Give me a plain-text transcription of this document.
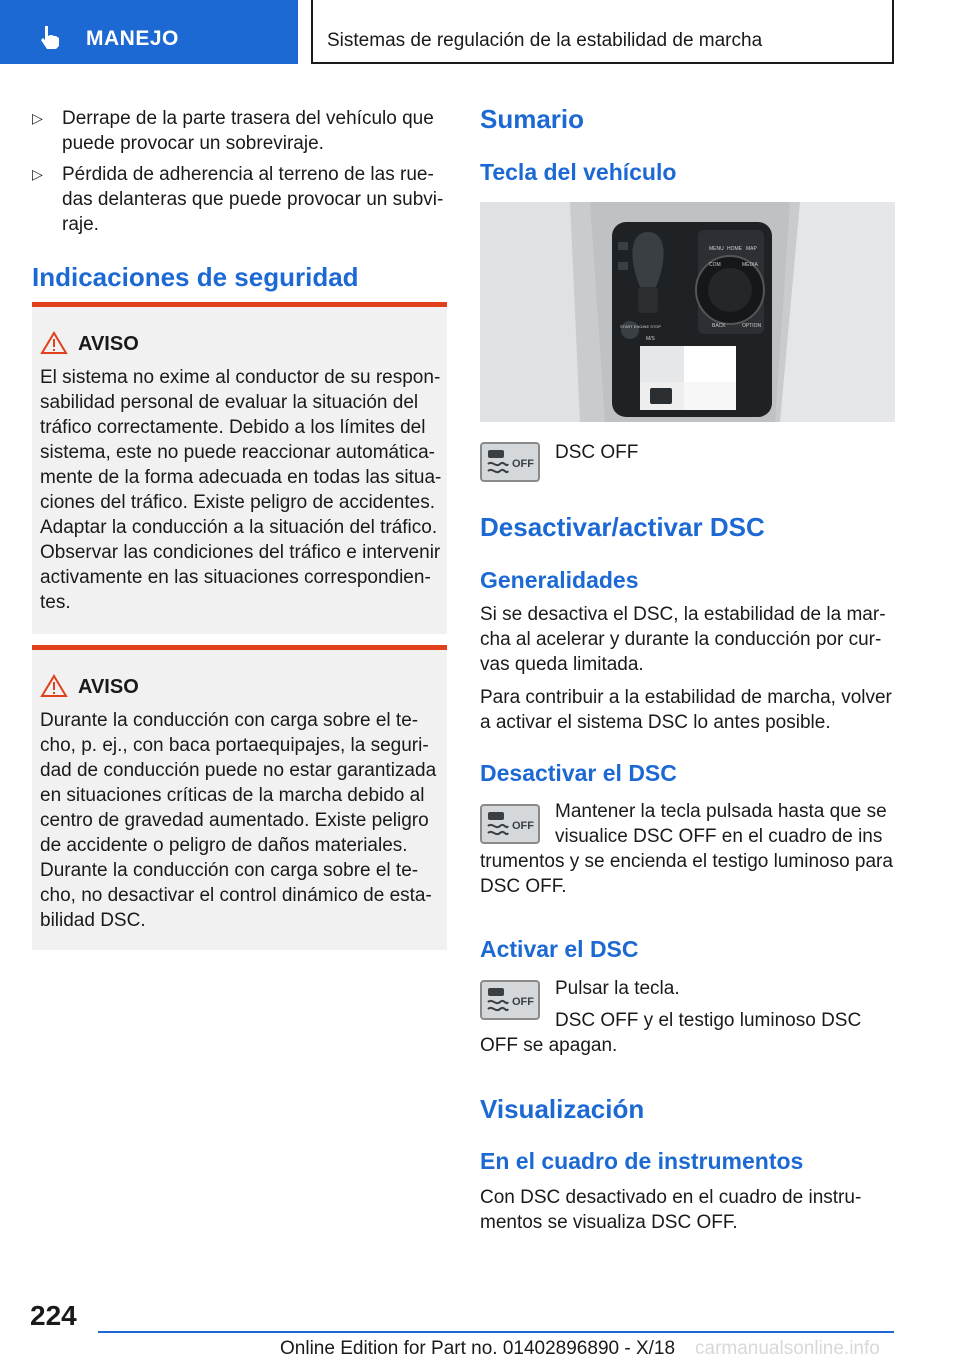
MANEJO	Sistemas de regulación de la estabilidad de marcha
▷ Derrape de la parte trasera del vehículo que puede provocar un sobreviraje.
▷ Pérdida de adherencia al terreno de las ruedas delanteras que puede provocar un subviraje.
Indicaciones de seguridad
AVISO
El sistema no exime al conductor de su responsabilidad personal de evaluar la situación del tráfico correctamente. Debido a los límites del sistema, este no puede reaccionar automáticamente de la forma adecuada en todas las situaciones del tráfico. Existe peligro de accidentes. Adaptar la conducción a la situación del tráfico. Observar las condiciones del tráfico e intervenir activamente en las situaciones correspondientes.
AVISO
Durante la conducción con carga sobre el techo, p. ej., con baca portaequipajes, la seguridad de conducción puede no estar garantizada en situaciones críticas de la marcha debido al centro de gravedad aumentado. Existe peligro de accidente o peligro de daños materiales. Durante la conducción con carga sobre el techo, no desactivar el control dinámico de estabilidad DSC.
Sumario
Tecla del vehículo
MENU HOME MAP
COM	MEDIA
BACK	OPTION
START ENGINE STOP
M/S
OFF
DSC OFF
Desactivar/activar DSC
Generalidades

Si se desactiva el DSC, la estabilidad de la marcha al acelerar y durante la conducción por curvas queda limitada.

Para contribuir a la estabilidad de marcha, volver a activar el sistema DSC lo antes posible.

Desactivar el DSC
OFF

Mantener la tecla pulsada hasta que se visualice DSC OFF en el cuadro de ins

trumentos y se encienda el testigo luminoso para DSC OFF.

Activar el DSC
OFF

Pulsar la tecla.

DSC OFF y el testigo luminoso DSC

OFF se apagan.

Visualización
En el cuadro de instrumentos

Con DSC desactivado en el cuadro de instrumentos se visualiza DSC OFF.

224
Online Edition for Part no. 01402896890 - X/18 carmanualsonline.info
